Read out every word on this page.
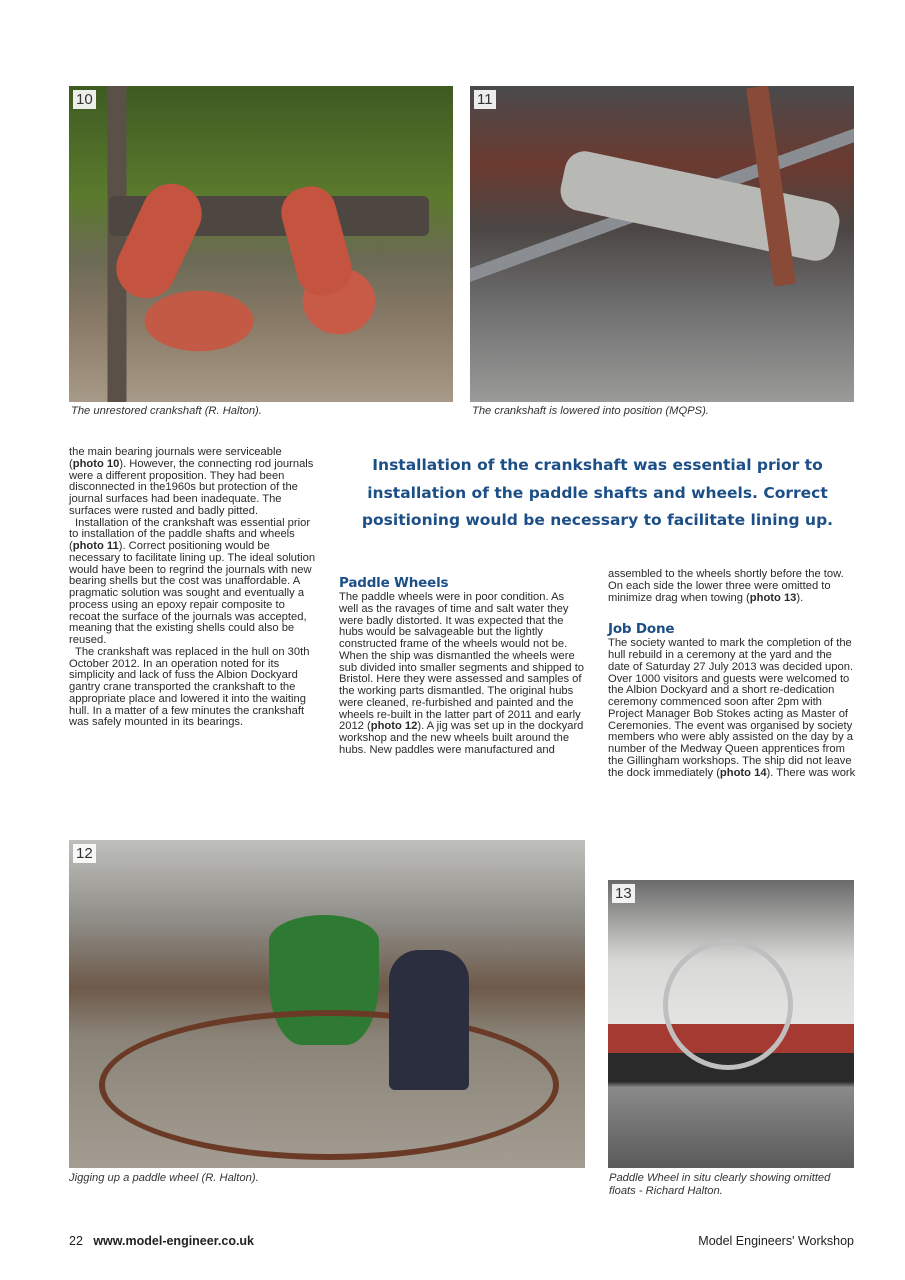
10
The unrestored crankshaft (R. Halton).
11
The crankshaft is lowered into position (MQPS).

the main bearing journals were serviceable (photo 10). However, the connecting rod journals were a different proposition. They had been disconnected in the1960s but protection of the journal surfaces had been inadequate. The surfaces were rusted and badly pitted.

Installation of the crankshaft was essential prior to installation of the paddle shafts and wheels (photo 11). Correct positioning would be necessary to facilitate lining up. The ideal solution would have been to regrind the journals with new bearing shells but the cost was unaffordable. A pragmatic solution was sought and eventually a process using an epoxy repair composite to recoat the surface of the journals was accepted, meaning that the existing shells could also be reused.

The crankshaft was replaced in the hull on 30th October 2012. In an operation noted for its simplicity and lack of fuss the Albion Dockyard gantry crane transported the crankshaft to the appropriate place and lowered it into the waiting hull. In a matter of a few minutes the crankshaft was safely mounted in its bearings.

Installation of the crankshaft was essential prior to installation of the paddle shafts and wheels. Correct positioning would be necessary to facilitate lining up.
Paddle Wheels

The paddle wheels were in poor condition. As well as the ravages of time and salt water they were badly distorted. It was expected that the hubs would be salvageable but the lightly constructed frame of the wheels would not be. When the ship was dismantled the wheels were sub divided into smaller segments and shipped to Bristol. Here they were assessed and samples of the working parts dismantled. The original hubs were cleaned, re-furbished and painted and the wheels re-built in the latter part of 2011 and early 2012 (photo 12). A jig was set up in the dockyard workshop and the new wheels built around the hubs. New paddles were manufactured and

assembled to the wheels shortly before the tow. On each side the lower three were omitted to minimize drag when towing (photo 13).

Job Done

The society wanted to mark the completion of the hull rebuild in a ceremony at the yard and the date of Saturday 27 July 2013 was decided upon. Over 1000 visitors and guests were welcomed to the Albion Dockyard and a short re-dedication ceremony commenced soon after 2pm with Project Manager Bob Stokes acting as Master of Ceremonies. The event was organised by society members who were ably assisted on the day by a number of the Medway Queen apprentices from the Gillingham workshops. The ship did not leave the dock immediately (photo 14). There was work

12
Jigging up a paddle wheel (R. Halton).
13
Paddle Wheel in situ clearly showing omitted floats - Richard Halton.
22 www.model-engineer.co.uk	Model Engineers' Workshop
